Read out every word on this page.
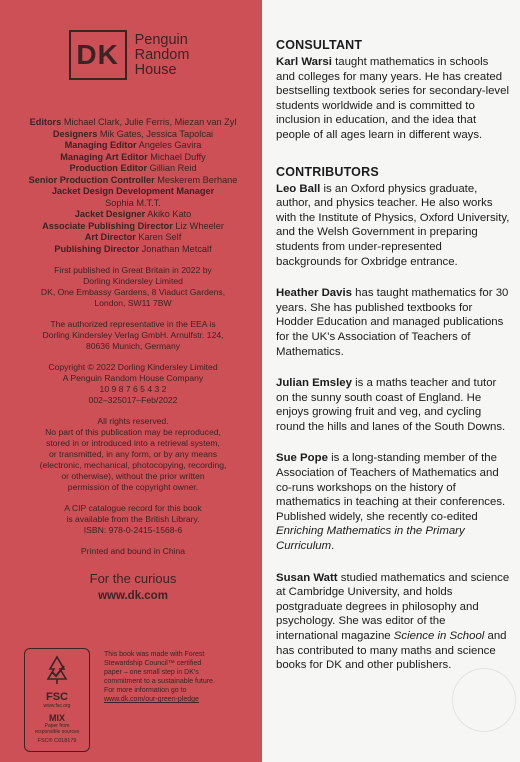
DK	Penguin
Random
House
Editors Michael Clark, Julie Ferris, Miezan van Zyl
Designers Mik Gates, Jessica Tapolcai
Managing Editor Angeles Gavira
Managing Art Editor Michael Duffy
Production Editor Gillian Reid
Senior Production Controller Meskerem Berhane
Jacket Design Development Manager
Sophia M.T.T.
Jacket Designer Akiko Kato
Associate Publishing Director Liz Wheeler
Art Director Karen Self
Publishing Director Jonathan Metcalf
First published in Great Britain in 2022 by
Dorling Kindersley Limited
DK, One Embassy Gardens, 8 Viaduct Gardens,
London, SW11 7BW
The authorized representative in the EEA is
Dorling Kindersley Verlag GmbH. Arnulfstr. 124,
80636 Munich, Germany
Copyright © 2022 Dorling Kindersley Limited
A Penguin Random House Company
10 9 8 7 6 5 4 3 2
002–325017–Feb/2022
All rights reserved.
No part of this publication may be reproduced,
stored in or introduced into a retrieval system,
or transmitted, in any form, or by any means
(electronic, mechanical, photocopying, recording,
or otherwise), without the prior written
permission of the copyright owner.
A CIP catalogue record for this book
is available from the British Library.
ISBN: 978-0-2415-1568-6
Printed and bound in China
For the curious
www.dk.com
FSC
www.fsc.org
MIX
Paper from
responsible sources
FSC® C018179
This book was made with Forest
Stewardship Council™ certified
paper – one small step in DK's
commitment to a sustainable future.
For more information go to
www.dk.com/our-green-pledge
CONSULTANT

Karl Warsi taught mathematics in schools and colleges for many years. He has created bestselling textbook series for secondary-level students worldwide and is committed to inclusion in education, and the idea that people of all ages learn in different ways.

CONTRIBUTORS

Leo Ball is an Oxford physics graduate, author, and physics teacher. He also works with the Institute of Physics, Oxford University, and the Welsh Government in preparing students from under-represented backgrounds for Oxbridge entrance.

Heather Davis has taught mathematics for 30 years. She has published textbooks for Hodder Education and managed publications for the UK's Association of Teachers of Mathematics.

Julian Emsley is a maths teacher and tutor on the sunny south coast of England. He enjoys growing fruit and veg, and cycling round the hills and lanes of the South Downs.

Sue Pope is a long-standing member of the Association of Teachers of Mathematics and co-runs workshops on the history of mathematics in teaching at their conferences. Published widely, she recently co-edited Enriching Mathematics in the Primary Curriculum.

Susan Watt studied mathematics and science at Cambridge University, and holds postgraduate degrees in philosophy and psychology. She was editor of the international magazine Science in School and has contributed to many maths and science books for DK and other publishers.
